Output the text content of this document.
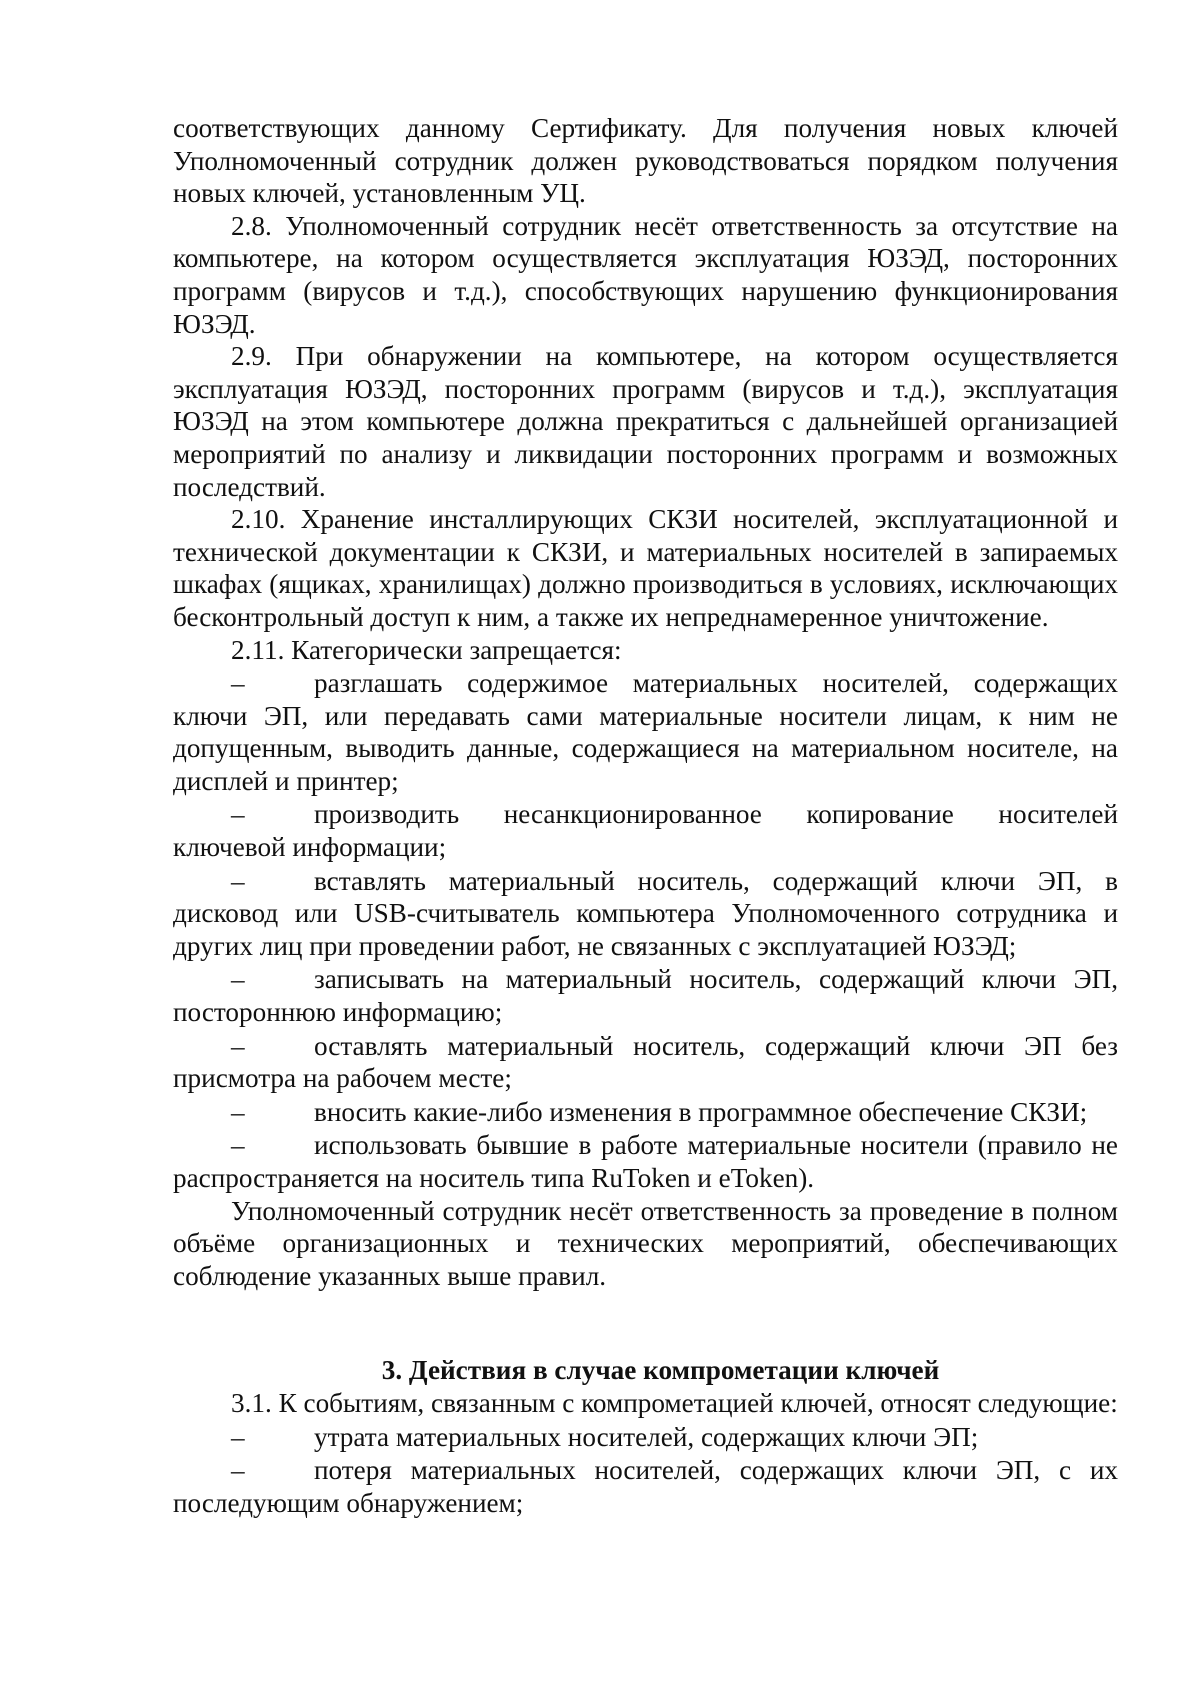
соответствующих данному Сертификату. Для получения новых ключей Уполномоченный сотрудник должен руководствоваться порядком получения новых ключей, установленным УЦ.

2.8. Уполномоченный сотрудник несёт ответственность за отсутствие на компьютере, на котором осуществляется эксплуатация ЮЗЭД, посторонних программ (вирусов и т.д.), способствующих нарушению функционирования ЮЗЭД.

2.9. При обнаружении на компьютере, на котором осуществляется эксплуатация ЮЗЭД, посторонних программ (вирусов и т.д.), эксплуатация ЮЗЭД на этом компьютере должна прекратиться с дальнейшей организацией мероприятий по анализу и ликвидации посторонних программ и возможных последствий.

2.10. Хранение инсталлирующих СКЗИ носителей, эксплуатационной и технической документации к СКЗИ, и материальных носителей в запираемых шкафах (ящиках, хранилищах) должно производиться в условиях, исключающих бесконтрольный доступ к ним, а также их непреднамеренное уничтожение.

2.11. Категорически запрещается:

–	разглашать содержимое материальных носителей, содержащих ключи ЭП, или передавать сами материальные носители лицам, к ним не допущенным, выводить данные, содержащиеся на материальном носителе, на дисплей и принтер;

–	производить несанкционированное копирование носителей ключевой информации;

–	вставлять материальный носитель, содержащий ключи ЭП, в дисковод или USB-считыватель компьютера Уполномоченного сотрудника и других лиц при проведении работ, не связанных с эксплуатацией ЮЗЭД;

–	записывать на материальный носитель, содержащий ключи ЭП, постороннюю информацию;

–	оставлять материальный носитель, содержащий ключи ЭП без присмотра на рабочем месте;

–	вносить какие-либо изменения в программное обеспечение СКЗИ;

–	использовать бывшие в работе материальные носители (правило не распространяется на носитель типа RuToken и eToken).

Уполномоченный сотрудник несёт ответственность за проведение в полном объёме организационных и технических мероприятий, обеспечивающих соблюдение указанных выше правил.

3. Действия в случае компрометации ключей

3.1. К событиям, связанным с компрометацией ключей, относят следующие:

–	утрата материальных носителей, содержащих ключи ЭП;

–	потеря материальных носителей, содержащих ключи ЭП, с их последующим обнаружением;
